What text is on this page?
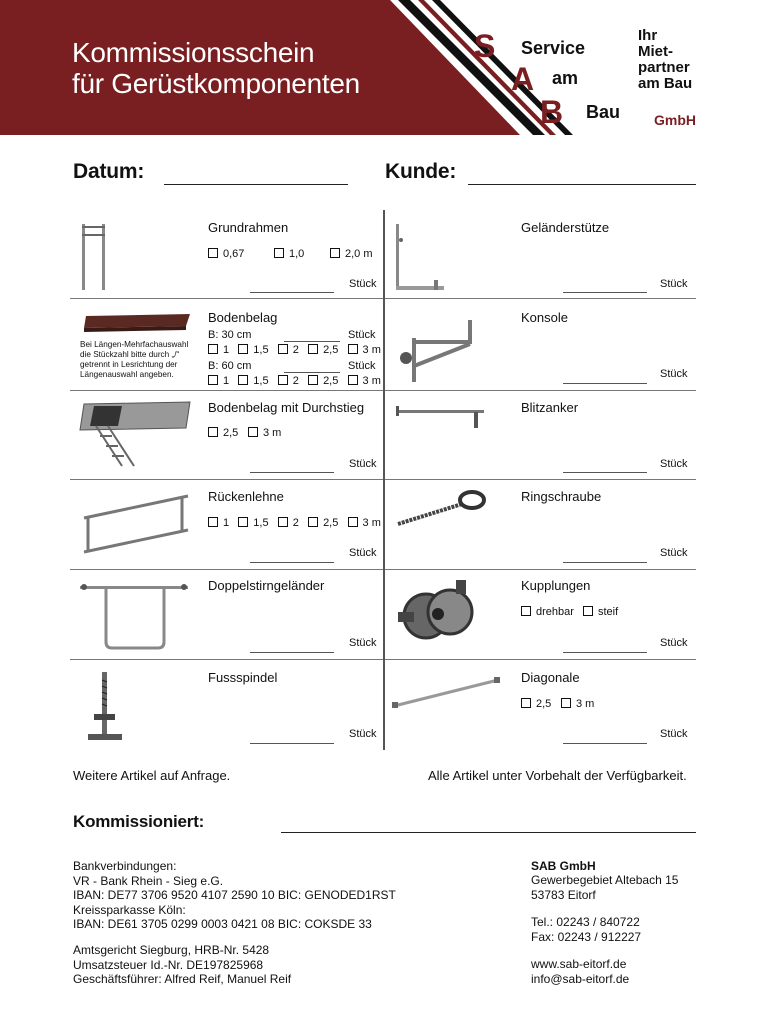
Kommissionsschein
für Gerüstkomponenten
S
A
B
Service
am
Bau
Ihr
Miet-
partner
am Bau
GmbH
Datum:	Kunde:
Grundrahmen
0,67	1,0	2,0 m
Stück
Geländerstütze
Stück
Bei Längen-Mehrfachauswahl die Stückzahl bitte durch „/“ getrennt in Lesrichtung der Längenauswahl angeben.
Bodenbelag
B: 30 cm	Stück
1 1,5 2 2,5 3 m
B: 60 cm	Stück
1 1,5 2 2,5 3 m
Konsole
Stück
Bodenbelag mit Durchstieg
2,5	3 m
Stück
Blitzanker
Stück
Rückenlehne
1 1,5 2 2,5 3 m
Stück
Ringschraube
Stück
Doppelstirngeländer
Stück
Kupplungen
drehbar	steif
Stück
Fussspindel
Stück
Diagonale
2,5	3 m
Stück
Weitere Artikel auf Anfrage.	Alle Artikel unter Vorbehalt der Verfügbarkeit.
Kommissioniert:
Bankverbindungen:
VR - Bank Rhein - Sieg e.G.
IBAN: DE77 3706 9520 4107 2590 10 BIC: GENODED1RST
Kreissparkasse Köln:
IBAN: DE61 3705 0299 0003 0421 08 BIC: COKSDE 33
Amtsgericht Siegburg, HRB-Nr. 5428
Umsatzsteuer Id.-Nr. DE197825968
Geschäftsführer: Alfred Reif, Manuel Reif
SAB GmbH
Gewerbegebiet Altebach 15
53783 Eitorf
Tel.: 02243 / 840722
Fax: 02243 / 912227
www.sab-eitorf.de
info@sab-eitorf.de
